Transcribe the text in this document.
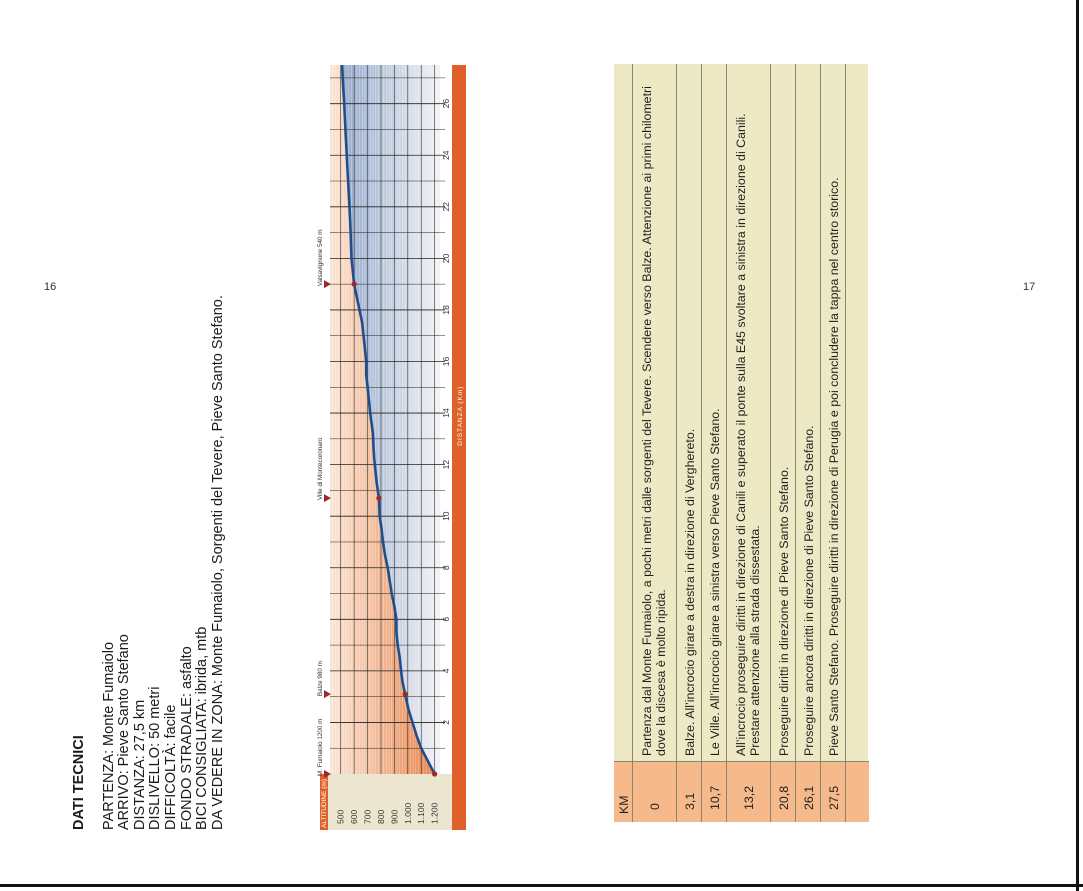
16	17
DATI TECNICI PARTENZA: Monte Fumaiolo ARRIVO: Pieve Santo Stefano DISTANZA: 27,5 km DISLIVELLO: 50 metri DIFFICOLTÀ: facile FONDO STRADALE: asfalto BICI CONSIGLIATA: ibrida, mtb DA VEDERE IN ZONA: Monte Fumaiolo, Sorgenti del Tevere, Pieve Santo Stefano.	ALTITUDINE (m)	1.200
1.100
1.000
900
800
700
600
500
DISTANZA (Km)
2
4
6
8
10
12
14
16
18
20
22
24
26
M. Fumaiolo 1200 m
Balze 980 m
Ville di Montecoronaro
Valsavignone 540 m
KM 0
Partenza dal Monte Fumaiolo, a pochi metri dalle sorgenti del Tevere. Scendere verso Balze. Attenzione ai primi chilometri dove la discesa è molto ripida.
3,1
Balze. All’incrocio girare a destra in direzione di Verghereto.
10,7
Le Ville. All’incrocio girare a sinistra verso Pieve Santo Stefano.
13,2
All’incrocio proseguire diritti in direzione di Canili e superato il ponte sulla E45 svoltare a sinistra in direzione di Canili. Prestare attenzione alla strada dissestata.
20,8
Proseguire diritti in direzione di Pieve Santo Stefano.
26,1
Proseguire ancora diritti in direzione di Pieve Santo Stefano.
27,5
Pieve Santo Stefano. Proseguire diritti in direzione di Perugia e poi concludere la tappa nel centro storico.
